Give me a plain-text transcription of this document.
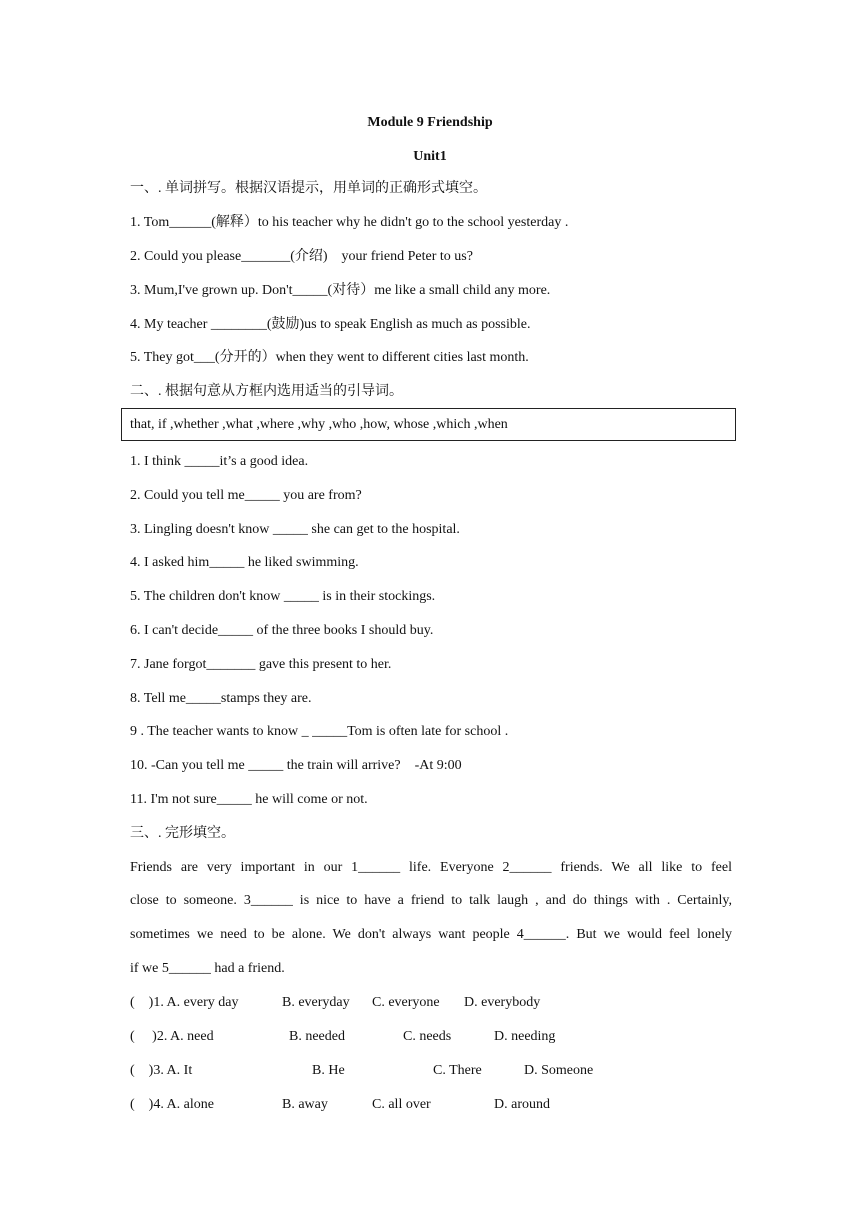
Module 9 Friendship
Unit1
一、. 单词拼写。根据汉语提示，用单词的正确形式填空。
1. Tom______(解释）to his teacher why he didn't go to the school yesterday .
2. Could you please_______(介绍)　your friend Peter to us?
3. Mum,I've grown up. Don't_____(对待）me like a small child any more.
4. My teacher ________(鼓励)us to speak English as much as possible.
5. They got___(分开的）when they went to different cities last month.
二、. 根据句意从方框内选用适当的引导词。
that, if ,whether ,what ,where ,why ,who ,how, whose ,which ,when
1. I think _____it’s a good idea.
2. Could you tell me_____ you are from?
3. Lingling doesn't know _____ she can get to the hospital.
4. I asked him_____ he liked swimming.
5. The children don't know _____ is in their stockings.
6. I can't decide_____ of the three books I should buy.
7. Jane forgot_______ gave this present to her.
8. Tell me_____stamps they are.
9 . The teacher wants to know _ _____Tom is often late for school .
10. -Can you tell me _____ the train will arrive?　-At 9:00
11. I'm not sure_____ he will come or not.
三、. 完形填空。
Friends are very important in our 1______ life. Everyone 2______ friends. We all like to feel
close to someone. 3______ is nice to have a friend to talk laugh , and do things with . Certainly,
sometimes we need to be alone. We don't always want people 4______. But we would feel lonely
if we 5______ had a friend.
(　)1. A. every day	B. everyday C. everyone D. everybody
(　 )2. A. need	B. needed	C. needs	D. needing
(　)3. A. It	B. He	C. There	D. Someone
(　)4. A. alone	B. away	C. all over	D. around
